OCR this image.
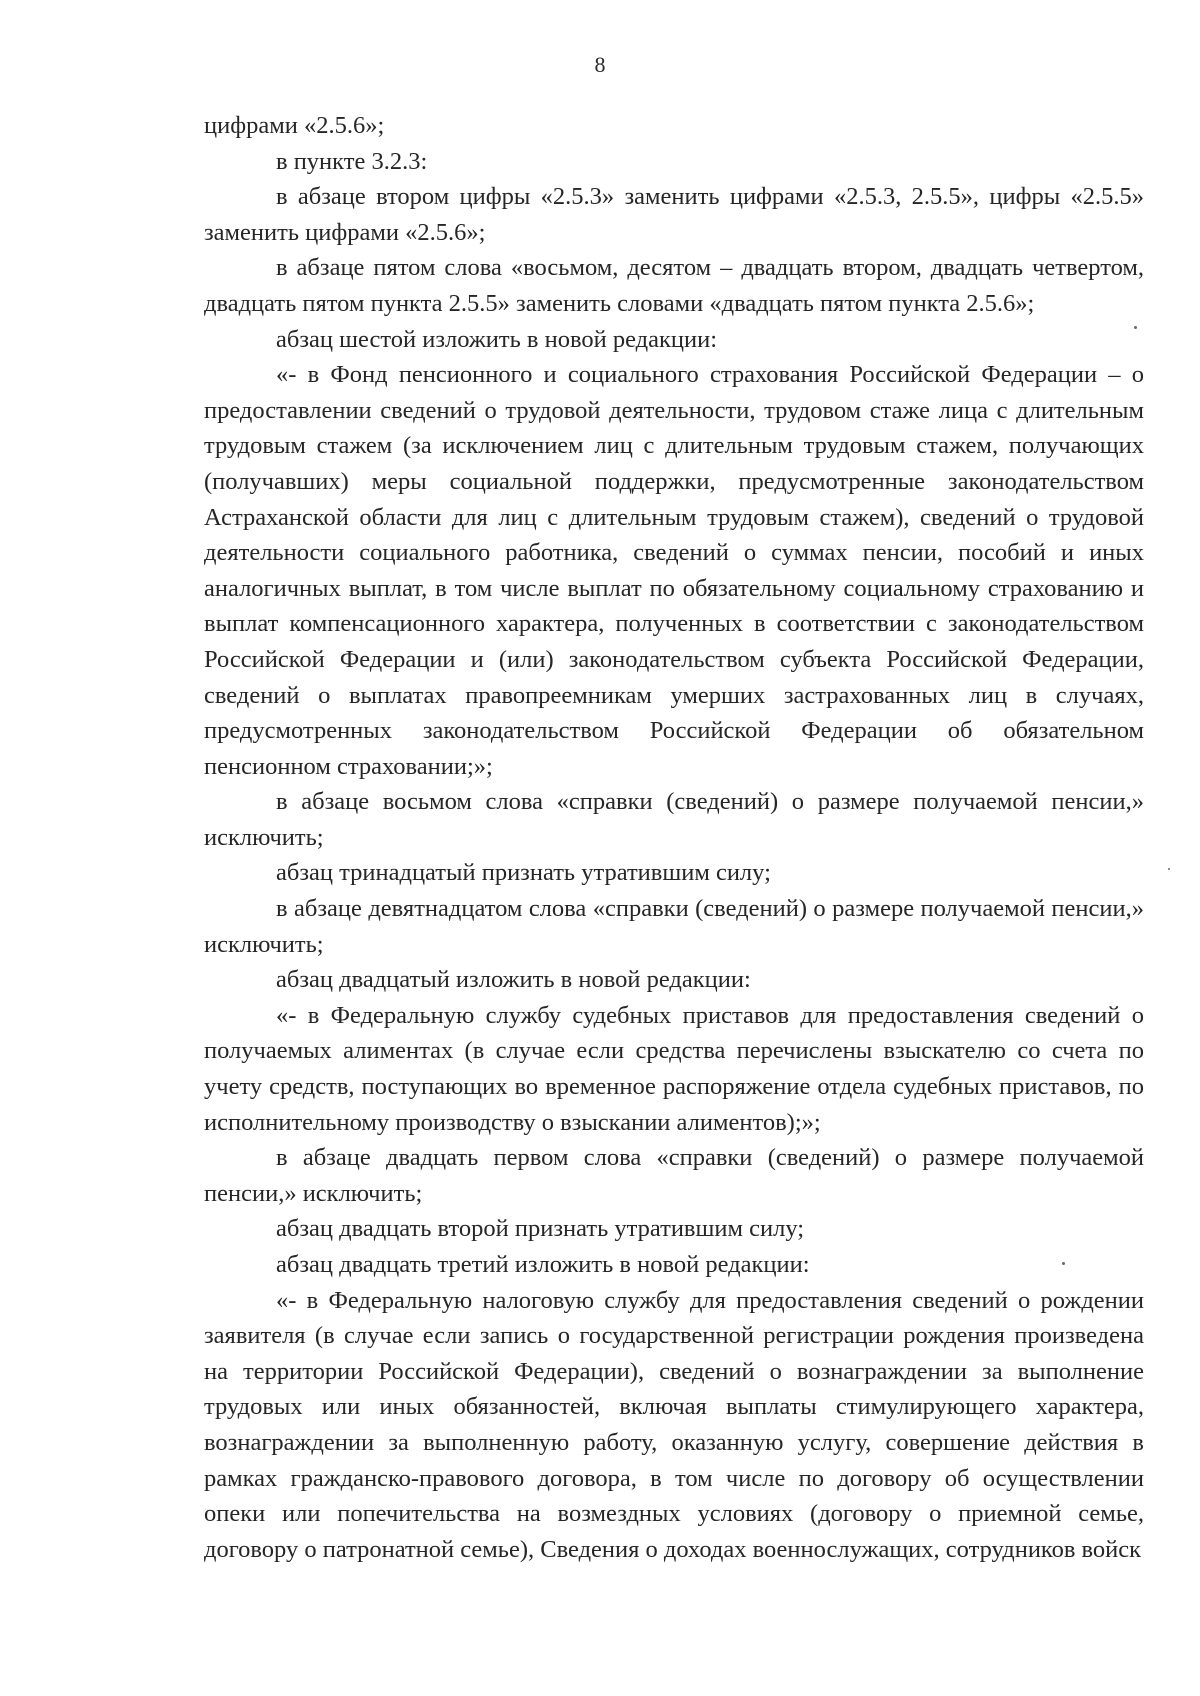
8

цифрами «2.5.6»;

в пункте 3.2.3:

в абзаце втором цифры «2.5.3» заменить цифрами «2.5.3, 2.5.5», цифры «2.5.5» заменить цифрами «2.5.6»;

в абзаце пятом слова «восьмом, десятом – двадцать втором, двадцать четвертом, двадцать пятом пункта 2.5.5» заменить словами «двадцать пятом пункта 2.5.6»;

абзац шестой изложить в новой редакции:

«- в Фонд пенсионного и социального страхования Российской Федерации – о предоставлении сведений о трудовой деятельности, трудовом стаже лица с длительным трудовым стажем (за исключением лиц с длительным трудовым стажем, получающих (получавших) меры социальной поддержки, предусмотренные законодательством Астраханской области для лиц с длительным трудовым стажем), сведений о трудовой деятельности социального работника, сведений о суммах пенсии, пособий и иных аналогичных выплат, в том числе выплат по обязательному социальному страхованию и выплат компенсационного характера, полученных в соответствии с законодательством Российской Федерации и (или) законодательством субъекта Российской Федерации, сведений о выплатах правопреемникам умерших застрахованных лиц в случаях, предусмотренных законодательством Российской Федерации об обязательном пенсионном страховании;»;

в абзаце восьмом слова «справки (сведений) о размере получаемой пенсии,» исключить;

абзац тринадцатый признать утратившим силу;

в абзаце девятнадцатом слова «справки (сведений) о размере получаемой пенсии,» исключить;

абзац двадцатый изложить в новой редакции:

«- в Федеральную службу судебных приставов для предоставления сведений о получаемых алиментах (в случае если средства перечислены взыскателю со счета по учету средств, поступающих во временное распоряжение отдела судебных приставов, по исполнительному производству о взыскании алиментов);»;

в абзаце двадцать первом слова «справки (сведений) о размере получаемой пенсии,» исключить;

абзац двадцать второй признать утратившим силу;

абзац двадцать третий изложить в новой редакции:

«- в Федеральную налоговую службу для предоставления сведений о рождении заявителя (в случае если запись о государственной регистрации рождения произведена на территории Российской Федерации), сведений о вознаграждении за выполнение трудовых или иных обязанностей, включая выплаты стимулирующего характера, вознаграждении за выполненную работу, оказанную услугу, совершение действия в рамках гражданско-правового договора, в том числе по договору об осуществлении опеки или попечительства на возмездных условиях (договору о приемной семье, договору о патронатной семье), Сведения о доходах военнослужащих, сотрудников войск
